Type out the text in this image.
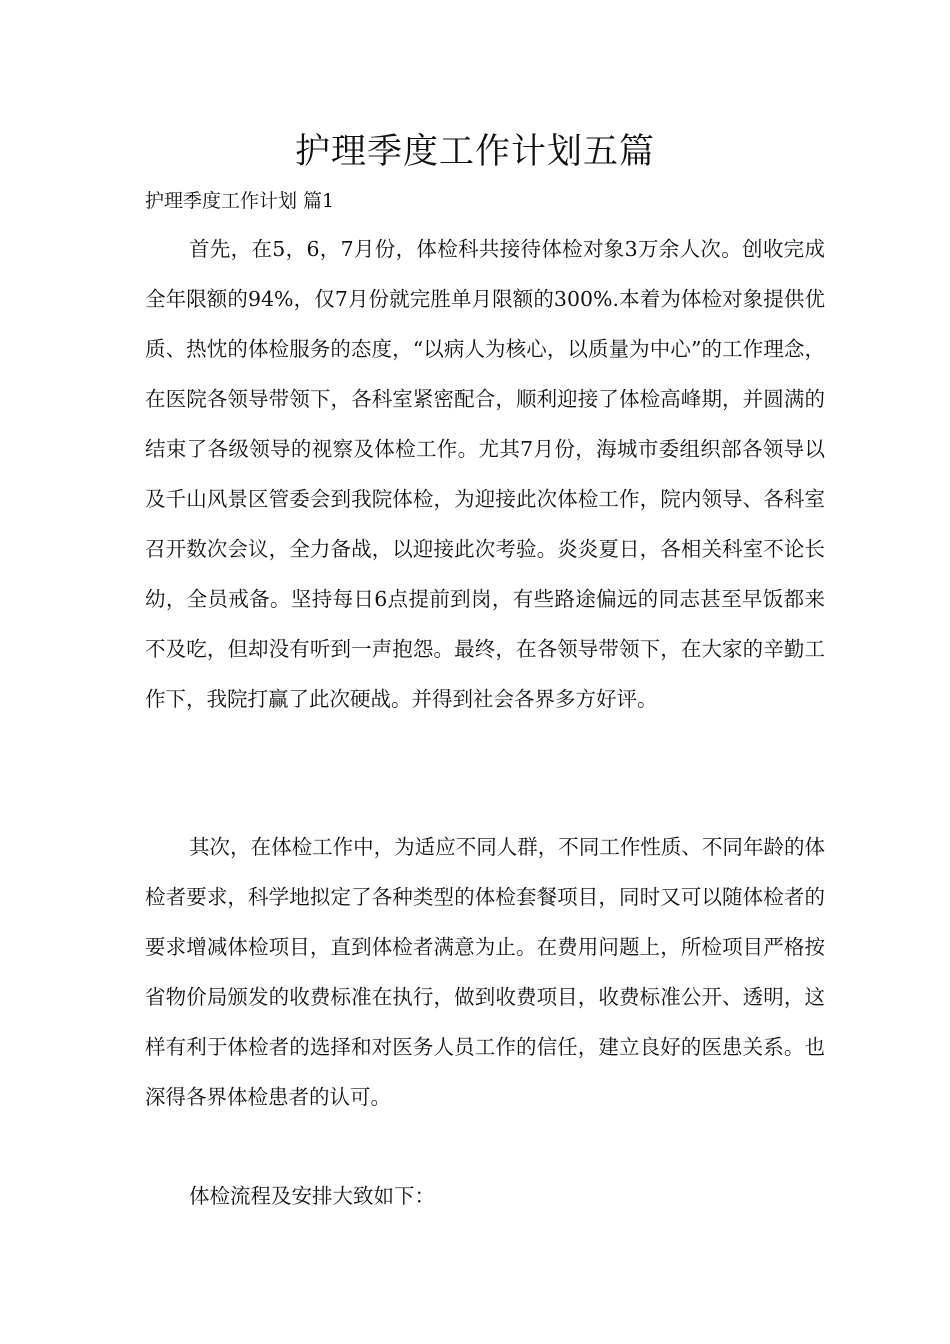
护理季度工作计划五篇

护理季度工作计划 篇1

首先，在5，6，7月份，体检科共接待体检对象3万余人次。创收完成全年限额的94%，仅7月份就完胜单月限额的300%.本着为体检对象提供优质、热忱的体检服务的态度，“以病人为核心，以质量为中心”的工作理念，在医院各领导带领下，各科室紧密配合，顺利迎接了体检高峰期，并圆满的结束了各级领导的视察及体检工作。尤其7月份，海城市委组织部各领导以及千山风景区管委会到我院体检，为迎接此次体检工作，院内领导、各科室召开数次会议，全力备战，以迎接此次考验。炎炎夏日，各相关科室不论长幼，全员戒备。坚持每日6点提前到岗，有些路途偏远的同志甚至早饭都来不及吃，但却没有听到一声抱怨。最终，在各领导带领下，在大家的辛勤工作下，我院打赢了此次硬战。并得到社会各界多方好评。

其次，在体检工作中，为适应不同人群，不同工作性质、不同年龄的体检者要求，科学地拟定了各种类型的体检套餐项目，同时又可以随体检者的要求增减体检项目，直到体检者满意为止。在费用问题上，所检项目严格按省物价局颁发的收费标准在执行，做到收费项目，收费标准公开、透明，这样有利于体检者的选择和对医务人员工作的信任，建立良好的医患关系。也深得各界体检患者的认可。

体检流程及安排大致如下：
